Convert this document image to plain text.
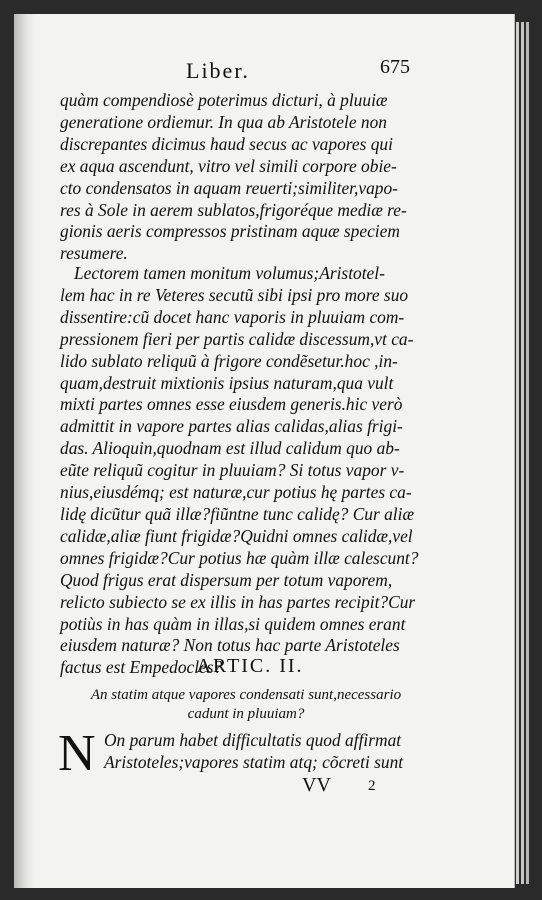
Liber.	675
quàm compendiosè poterimus dicturi, à pluuiæ
generatione ordiemur. In qua ab Aristotele non
discrepantes dicimus haud secus ac vapores qui
ex aqua ascendunt, vitro vel simili corpore obie-
cto condensatos in aquam reuerti;similiter,vapo-
res à Sole in aerem sublatos,frigoréque mediæ re-
gionis aeris compressos pristinam aquæ speciem
resumere.
Lectorem tamen monitum volumus;Aristotel-
lem hac in re Veteres secutũ sibi ipsi pro more suo
dissentire:cũ docet hanc vaporis in pluuiam com-
pressionem fieri per partis calidæ discessum,vt ca-
lido sublato reliquũ à frigore condẽsetur.hoc ,in-
quam,destruit mixtionis ipsius naturam,qua vult
mixti partes omnes esse eiusdem generis.hic verò
admittit in vapore partes alias calidas,alias frigi-
das. Alioquin,quodnam est illud calidum quo ab-
eũte reliquũ cogitur in pluuiam? Si totus vapor v-
nius,eiusdémq; est naturæ,cur potius hę partes ca-
lidę dicũtur quã illæ?fiũntne tunc calidę? Cur aliæ
calidæ,aliæ fiunt frigidæ?Quidni omnes calidæ,vel
omnes frigidæ?Cur potius hæ quàm illæ calescunt?
Quod frigus erat dispersum per totum vaporem,
relicto subiecto se ex illis in has partes recipit?Cur
potiùs in has quàm in illas,si quidem omnes erant
eiusdem naturæ? Non totus hac parte Aristoteles
factus est Empedocles?
ARTIC. II.
An statim atque vapores condensati sunt,necessario
cadunt in pluuiam?
N On parum habet difficultatis quod affirmat
Aristoteles;vapores statim atq; cõcreti sunt
VV 2
